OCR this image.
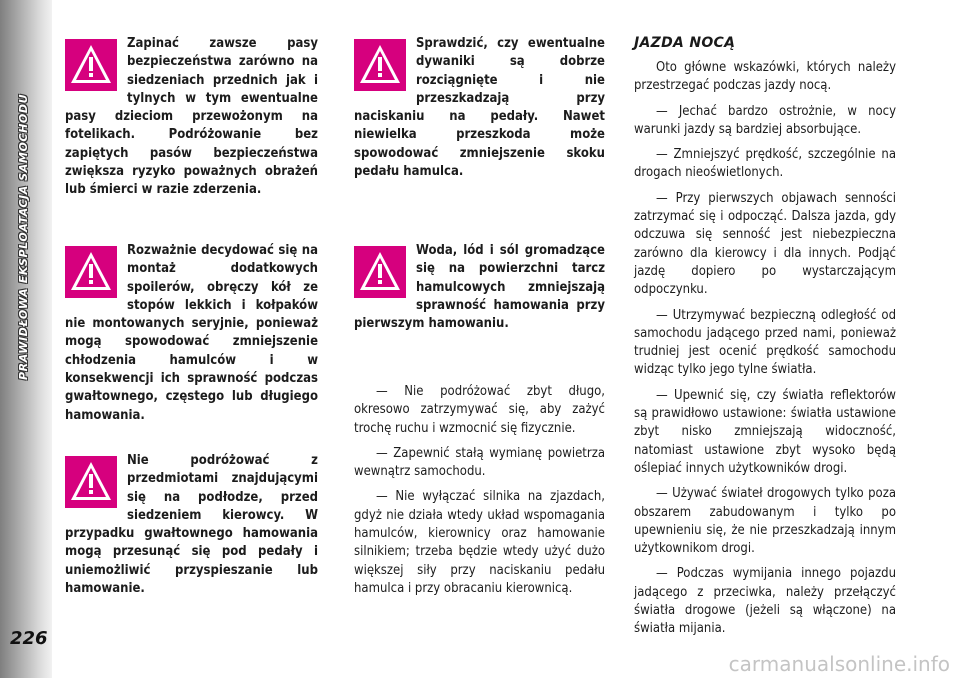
PRAWIDŁOWA EKSPLOATACJA SAMOCHODU
226
Zapinać zawsze pasy bezpieczeństwa zarówno na siedzeniach przednich jak i tylnych w tym ewentualne pasy dzieciom przewożonym na fotelikach. Podróżowanie bez zapiętych pasów bezpieczeństwa zwiększa ryzyko poważnych obrażeń lub śmierci w razie zderzenia.
Rozważnie decydować się na montaż dodatkowych spoilerów, obręczy kół ze stopów lekkich i kołpaków nie montowanych seryjnie, ponieważ mogą spowodować zmniejszenie chłodzenia hamulców i w konsekwencji ich sprawność podczas gwałtownego, częstego lub długiego hamowania.
Nie podróżować z przedmiotami znajdującymi się na podłodze, przed siedzeniem kierowcy. W przypadku gwałtownego hamowania mogą przesunąć się pod pedały i uniemożliwić przyspieszanie lub hamowanie.
Sprawdzić, czy ewentualne dywaniki są dobrze rozciągnięte i nie przeszkadzają przy naciskaniu na pedały. Nawet niewielka przeszkoda może spowodować zmniejszenie skoku pedału hamulca.
Woda, lód i sól gromadzące się na powierzchni tarcz hamulcowych zmniejszają sprawność hamowania przy pierwszym hamowaniu.

— Nie podróżować zbyt długo, okresowo zatrzymywać się, aby zażyć trochę ruchu i wzmocnić się fizycznie.

— Zapewnić stałą wymianę powietrza wewnątrz samochodu.

— Nie wyłączać silnika na zjazdach, gdyż nie działa wtedy układ wspomagania hamulców, kierownicy oraz hamowanie silnikiem; trzeba będzie wtedy użyć dużo większej siły przy naciskaniu pedału hamulca i przy obracaniu kierownicą.

JAZDA NOCĄ

Oto główne wskazówki, których należy przestrzegać podczas jazdy nocą.

— Jechać bardzo ostrożnie, w nocy warunki jazdy są bardziej absorbujące.

— Zmniejszyć prędkość, szczególnie na drogach nieoświetlonych.

— Przy pierwszych objawach senności zatrzymać się i odpocząć. Dalsza jazda, gdy odczuwa się senność jest niebezpieczna zarówno dla kierowcy i dla innych. Podjąć jazdę dopiero po wystarczającym odpoczynku.

— Utrzymywać bezpieczną odległość od samochodu jadącego przed nami, ponieważ trudniej jest ocenić prędkość samochodu widząc tylko jego tylne światła.

— Upewnić się, czy światła reflektorów są prawidłowo ustawione: światła ustawione zbyt nisko zmniejszają widoczność, natomiast ustawione zbyt wysoko będą oślepiać innych użytkowników drogi.

— Używać świateł drogowych tylko poza obszarem zabudowanym i tylko po upewnieniu się, że nie przeszkadzają innym użytkownikom drogi.

— Podczas wymijania innego pojazdu jadącego z przeciwka, należy przełączyć światła drogowe (jeżeli są włączone) na światła mijania.

carmanualsonline.info
